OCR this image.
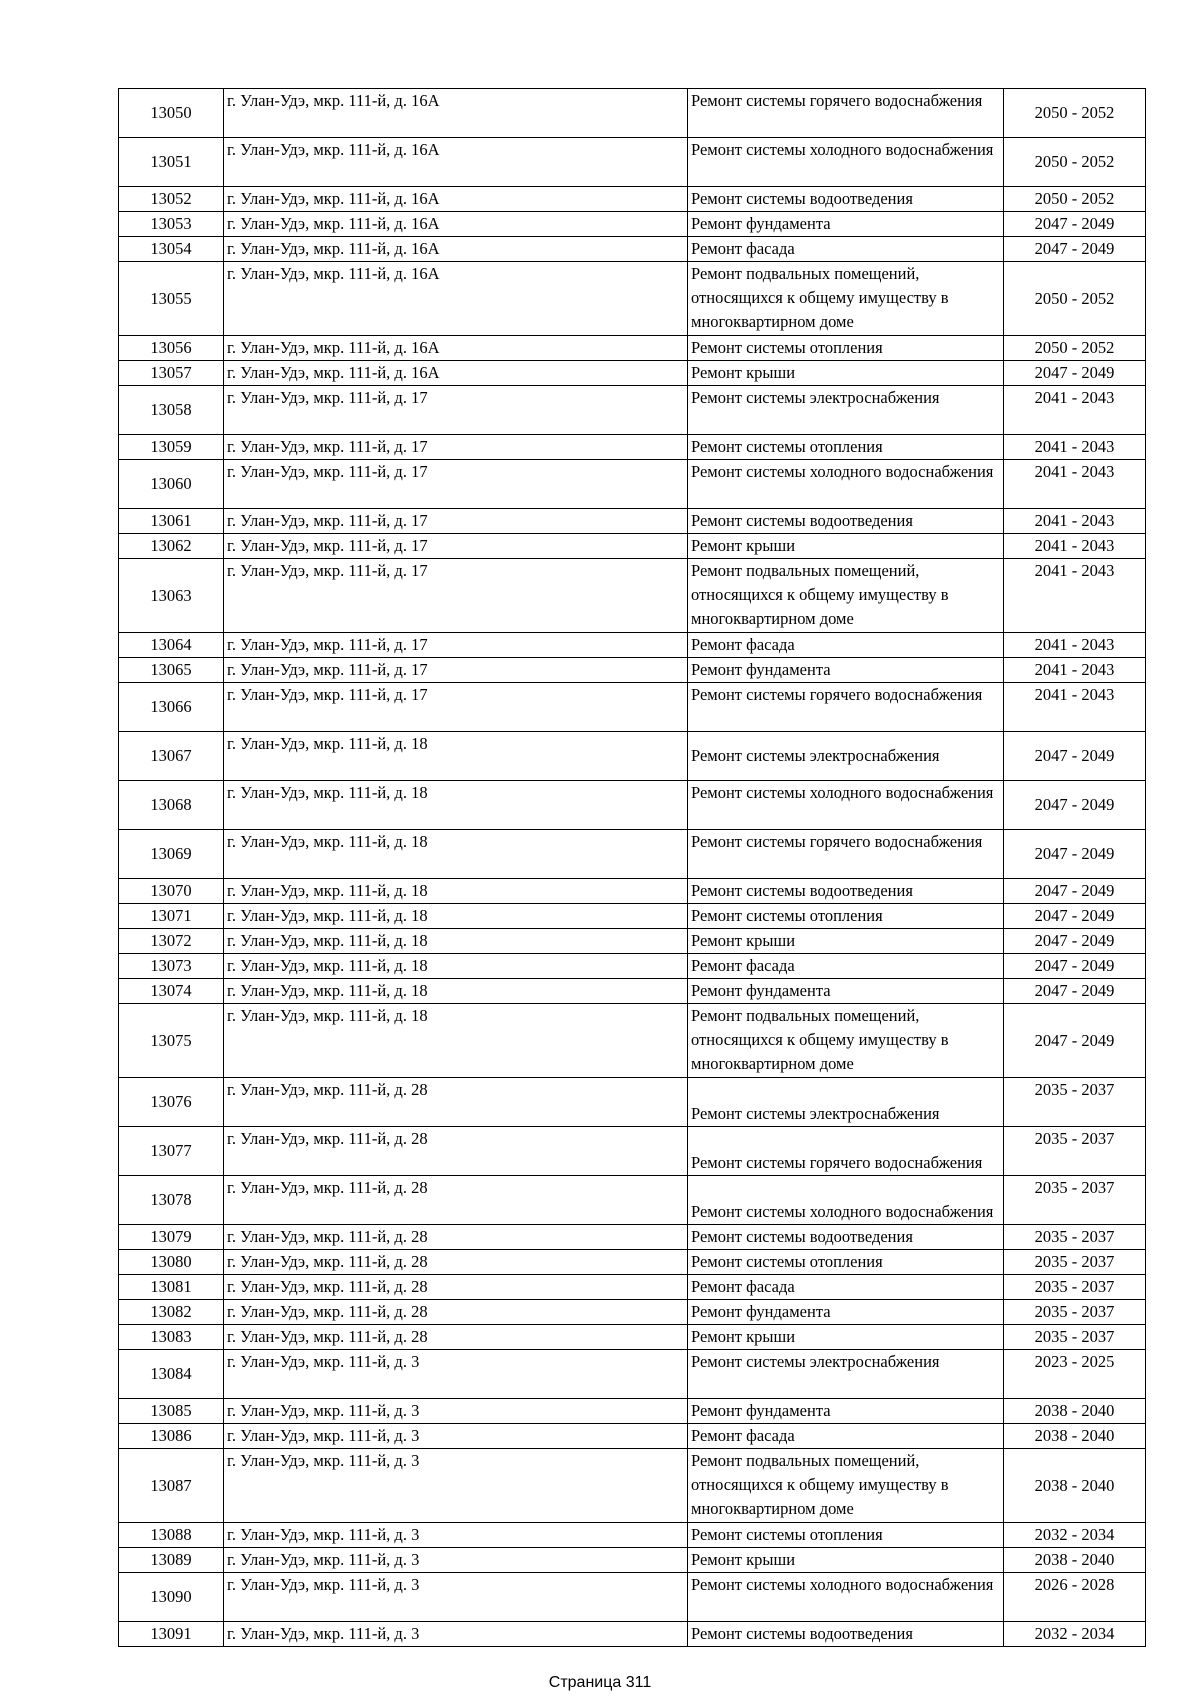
13050	г. Улан-Удэ, мкр. 111-й, д. 16А	Ремонт системы горячего водоснабжения	2050 - 2052
13051	г. Улан-Удэ, мкр. 111-й, д. 16А	Ремонт системы холодного водоснабжения	2050 - 2052
13052	г. Улан-Удэ, мкр. 111-й, д. 16А	Ремонт системы водоотведения	2050 - 2052
13053	г. Улан-Удэ, мкр. 111-й, д. 16А	Ремонт фундамента	2047 - 2049
13054	г. Улан-Удэ, мкр. 111-й, д. 16А	Ремонт фасада	2047 - 2049
13055	г. Улан-Удэ, мкр. 111-й, д. 16А	Ремонт подвальных помещений, относящихся к общему имуществу в многоквартирном доме	2050 - 2052
13056	г. Улан-Удэ, мкр. 111-й, д. 16А	Ремонт системы отопления	2050 - 2052
13057	г. Улан-Удэ, мкр. 111-й, д. 16А	Ремонт крыши	2047 - 2049
13058	г. Улан-Удэ, мкр. 111-й, д. 17	Ремонт системы электроснабжения	2041 - 2043
13059	г. Улан-Удэ, мкр. 111-й, д. 17	Ремонт системы отопления	2041 - 2043
13060	г. Улан-Удэ, мкр. 111-й, д. 17	Ремонт системы холодного водоснабжения	2041 - 2043
13061	г. Улан-Удэ, мкр. 111-й, д. 17	Ремонт системы водоотведения	2041 - 2043
13062	г. Улан-Удэ, мкр. 111-й, д. 17	Ремонт крыши	2041 - 2043
13063	г. Улан-Удэ, мкр. 111-й, д. 17	Ремонт подвальных помещений, относящихся к общему имуществу в многоквартирном доме	2041 - 2043
13064	г. Улан-Удэ, мкр. 111-й, д. 17	Ремонт фасада	2041 - 2043
13065	г. Улан-Удэ, мкр. 111-й, д. 17	Ремонт фундамента	2041 - 2043
13066	г. Улан-Удэ, мкр. 111-й, д. 17	Ремонт системы горячего водоснабжения	2041 - 2043
13067	г. Улан-Удэ, мкр. 111-й, д. 18	Ремонт системы электроснабжения	2047 - 2049
13068	г. Улан-Удэ, мкр. 111-й, д. 18	Ремонт системы холодного водоснабжения	2047 - 2049
13069	г. Улан-Удэ, мкр. 111-й, д. 18	Ремонт системы горячего водоснабжения	2047 - 2049
13070	г. Улан-Удэ, мкр. 111-й, д. 18	Ремонт системы водоотведения	2047 - 2049
13071	г. Улан-Удэ, мкр. 111-й, д. 18	Ремонт системы отопления	2047 - 2049
13072	г. Улан-Удэ, мкр. 111-й, д. 18	Ремонт крыши	2047 - 2049
13073	г. Улан-Удэ, мкр. 111-й, д. 18	Ремонт фасада	2047 - 2049
13074	г. Улан-Удэ, мкр. 111-й, д. 18	Ремонт фундамента	2047 - 2049
13075	г. Улан-Удэ, мкр. 111-й, д. 18	Ремонт подвальных помещений, относящихся к общему имуществу в многоквартирном доме	2047 - 2049
13076	г. Улан-Удэ, мкр. 111-й, д. 28	Ремонт системы электроснабжения	2035 - 2037
13077	г. Улан-Удэ, мкр. 111-й, д. 28	Ремонт системы горячего водоснабжения	2035 - 2037
13078	г. Улан-Удэ, мкр. 111-й, д. 28	Ремонт системы холодного водоснабжения	2035 - 2037
13079	г. Улан-Удэ, мкр. 111-й, д. 28	Ремонт системы водоотведения	2035 - 2037
13080	г. Улан-Удэ, мкр. 111-й, д. 28	Ремонт системы отопления	2035 - 2037
13081	г. Улан-Удэ, мкр. 111-й, д. 28	Ремонт фасада	2035 - 2037
13082	г. Улан-Удэ, мкр. 111-й, д. 28	Ремонт фундамента	2035 - 2037
13083	г. Улан-Удэ, мкр. 111-й, д. 28	Ремонт крыши	2035 - 2037
13084	г. Улан-Удэ, мкр. 111-й, д. 3	Ремонт системы электроснабжения	2023 - 2025
13085	г. Улан-Удэ, мкр. 111-й, д. 3	Ремонт фундамента	2038 - 2040
13086	г. Улан-Удэ, мкр. 111-й, д. 3	Ремонт фасада	2038 - 2040
13087	г. Улан-Удэ, мкр. 111-й, д. 3	Ремонт подвальных помещений, относящихся к общему имуществу в многоквартирном доме	2038 - 2040
13088	г. Улан-Удэ, мкр. 111-й, д. 3	Ремонт системы отопления	2032 - 2034
13089	г. Улан-Удэ, мкр. 111-й, д. 3	Ремонт крыши	2038 - 2040
13090	г. Улан-Удэ, мкр. 111-й, д. 3	Ремонт системы холодного водоснабжения	2026 - 2028
13091	г. Улан-Удэ, мкр. 111-й, д. 3	Ремонт системы водоотведения	2032 - 2034
Страница 311
